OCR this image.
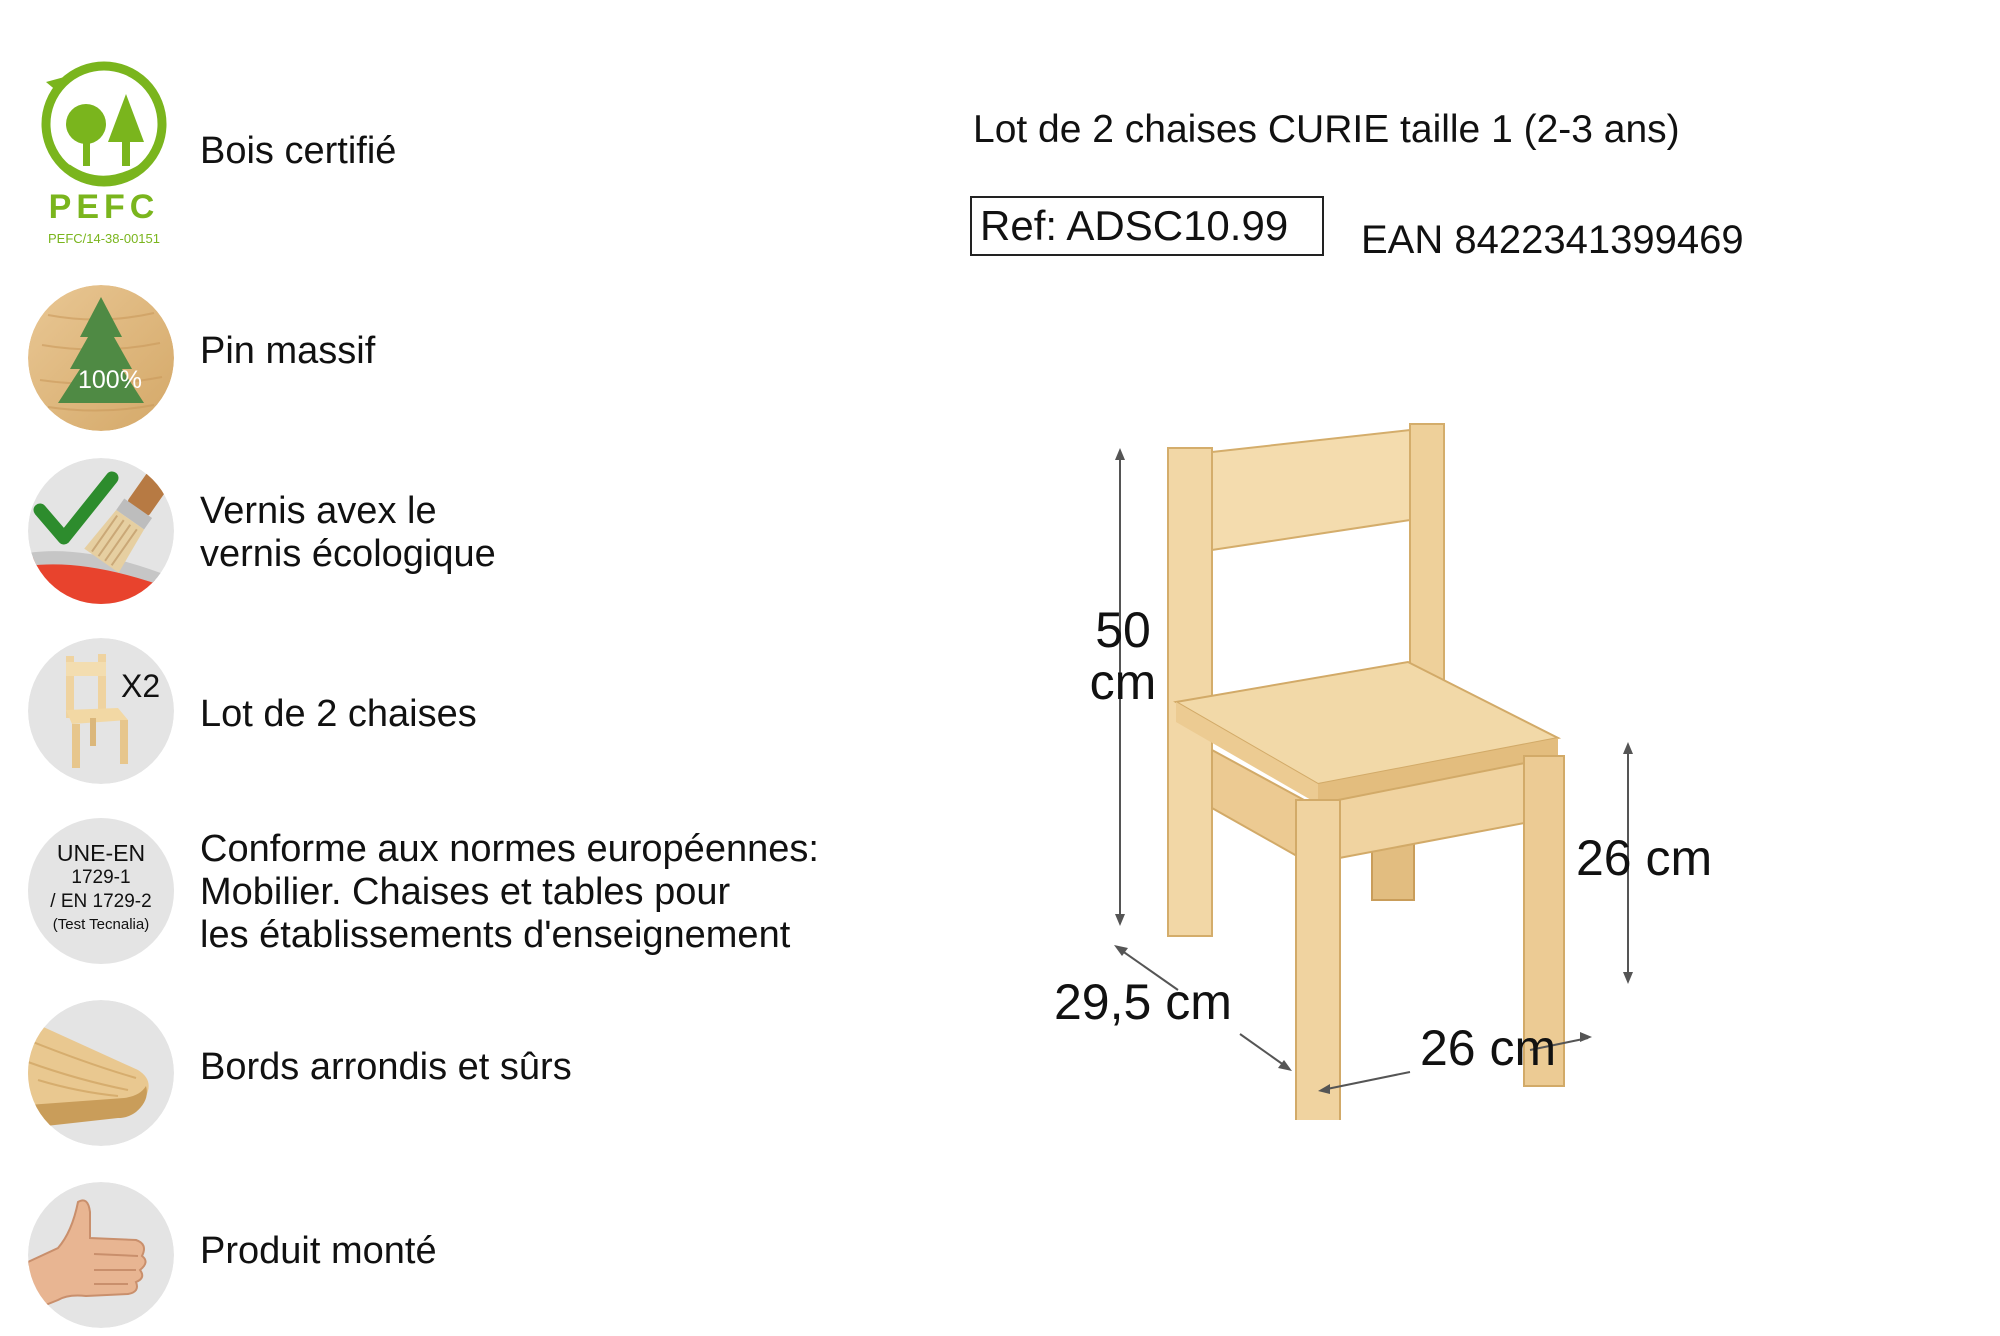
PEFC
PEFC/14-38-00151
Bois certifié
100%
Pin massif
Vernis avex le
vernis écologique
X2
Lot de 2 chaises
UNE-EN
1729-1
/ EN 1729-2
(Test Tecnalia)
Conforme aux normes européennes:
Mobilier. Chaises et tables pour
les établissements d'enseignement
Bords arrondis et sûrs
Produit monté
Lot de 2 chaises CURIE taille 1 (2-3 ans)
Ref: ADSC10.99	EAN 8422341399469
50
cm
26 cm
29,5 cm
26 cm
